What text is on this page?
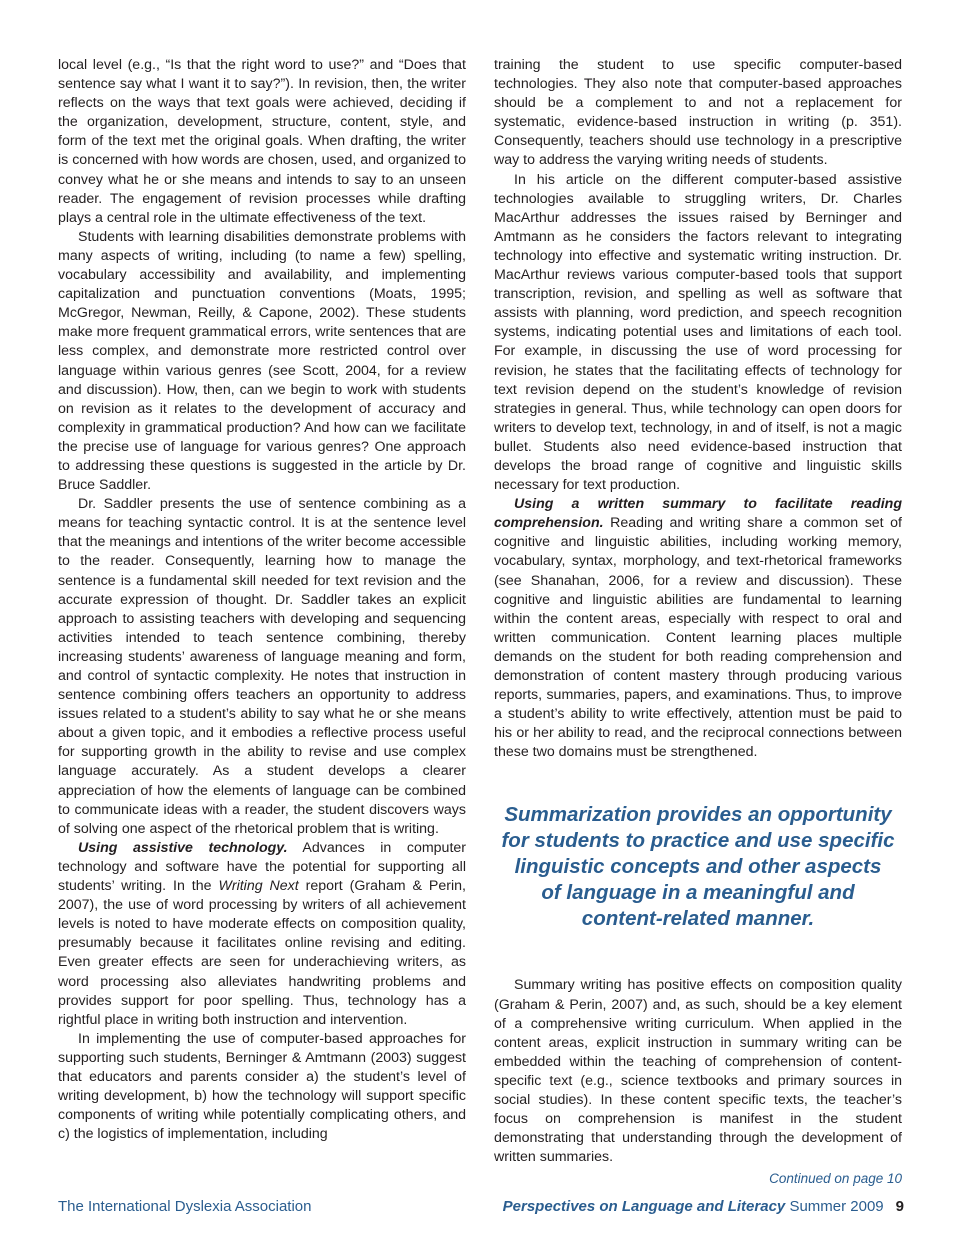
local level (e.g., “Is that the right word to use?” and “Does that sentence say what I want it to say?”). In revision, then, the writer reflects on the ways that text goals were achieved, deciding if the organization, development, structure, content, style, and form of the text met the original goals. When drafting, the writer is concerned with how words are chosen, used, and organized to convey what he or she means and intends to say to an unseen reader. The engagement of revision processes while drafting plays a central role in the ultimate effectiveness of the text.

Students with learning disabilities demonstrate problems with many aspects of writing, including (to name a few) spelling, vocabulary accessibility and availability, and implementing capitalization and punctuation conventions (Moats, 1995; McGregor, Newman, Reilly, & Capone, 2002). These students make more frequent grammatical errors, write sentences that are less complex, and demonstrate more restricted control over language within various genres (see Scott, 2004, for a review and discussion). How, then, can we begin to work with students on revision as it relates to the development of accuracy and complexity in grammatical production? And how can we facilitate the precise use of language for various genres? One approach to addressing these questions is suggested in the article by Dr. Bruce Saddler.

Dr. Saddler presents the use of sentence combining as a means for teaching syntactic control. It is at the sentence level that the meanings and intentions of the writer become accessible to the reader. Consequently, learning how to manage the sentence is a fundamental skill needed for text revision and the accurate expression of thought. Dr. Saddler takes an explicit approach to assisting teachers with developing and sequencing activities intended to teach sentence combining, thereby increasing students’ awareness of language meaning and form, and control of syntactic complexity. He notes that instruction in sentence combining offers teachers an opportunity to address issues related to a student’s ability to say what he or she means about a given topic, and it embodies a reflective process useful for supporting growth in the ability to revise and use complex language accurately. As a student develops a clearer appreciation of how the elements of language can be combined to communicate ideas with a reader, the student discovers ways of solving one aspect of the rhetorical problem that is writing.

Using assistive technology. Advances in computer technology and software have the potential for supporting all students’ writing. In the Writing Next report (Graham & Perin, 2007), the use of word processing by writers of all achievement levels is noted to have moderate effects on composition quality, presumably because it facilitates online revising and editing. Even greater effects are seen for underachieving writers, as word processing also alleviates handwriting problems and provides support for poor spelling. Thus, technology has a rightful place in writing both instruction and intervention.

In implementing the use of computer-based approaches for supporting such students, Berninger & Amtmann (2003) suggest that educators and parents consider a) the student’s level of writing development, b) how the technology will support specific components of writing while potentially complicating others, and c) the logistics of implementation, including

training the student to use specific computer-based technologies. They also note that computer-based approaches should be a complement to and not a replacement for systematic, evidence-based instruction in writing (p. 351). Consequently, teachers should use technology in a prescriptive way to address the varying writing needs of students.

In his article on the different computer-based assistive technologies available to struggling writers, Dr. Charles MacArthur addresses the issues raised by Berninger and Amtmann as he considers the factors relevant to integrating technology into effective and systematic writing instruction. Dr. MacArthur reviews various computer-based tools that support transcription, revision, and spelling as well as software that assists with planning, word prediction, and speech recognition systems, indicating potential uses and limitations of each tool. For example, in discussing the use of word processing for revision, he states that the facilitating effects of technology for text revision depend on the student’s knowledge of revision strategies in general. Thus, while technology can open doors for writers to develop text, technology, in and of itself, is not a magic bullet. Students also need evidence-based instruction that develops the broad range of cognitive and linguistic skills necessary for text production.

Using a written summary to facilitate reading comprehension. Reading and writing share a common set of cognitive and linguistic abilities, including working memory, vocabulary, syntax, morphology, and text-rhetorical frameworks (see Shanahan, 2006, for a review and discussion). These cognitive and linguistic abilities are fundamental to learning within the content areas, especially with respect to oral and written communication. Content learning places multiple demands on the student for both reading comprehension and demonstration of content mastery through producing various reports, summaries, papers, and examinations. Thus, to improve a student’s ability to write effectively, attention must be paid to his or her ability to read, and the reciprocal connections between these two domains must be strengthened.

Summarization provides an opportunity
for students to practice and use specific
linguistic concepts and other aspects
of language in a meaningful and
content-related manner.

Summary writing has positive effects on composition quality (Graham & Perin, 2007) and, as such, should be a key element of a comprehensive writing curriculum. When applied in the content areas, explicit instruction in summary writing can be embedded within the teaching of comprehension of content-specific text (e.g., science textbooks and primary sources in social studies). In these content specific texts, the teacher’s focus on comprehension is manifest in the student demonstrating that understanding through the development of written summaries.

Continued on page 10
The International Dyslexia Association	Perspectives on Language and Literacy Summer 2009 9
